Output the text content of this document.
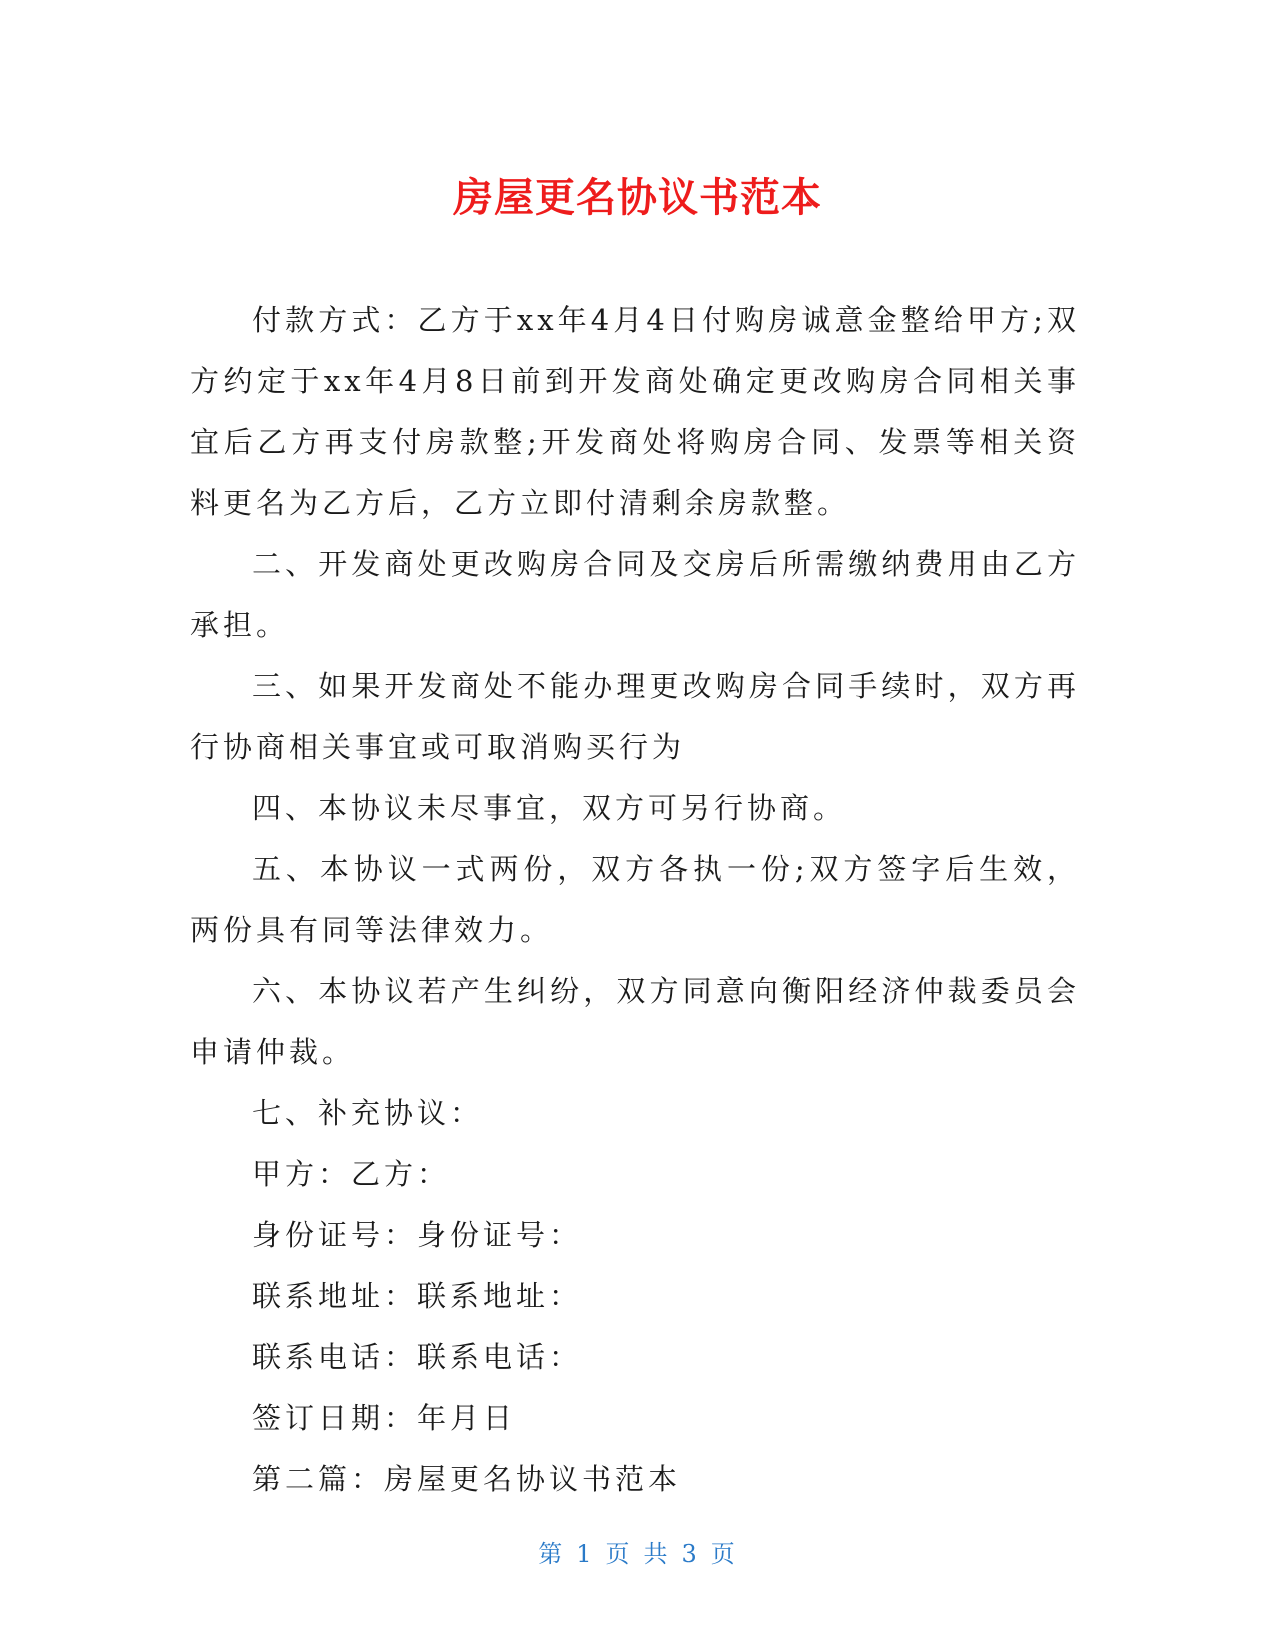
房屋更名协议书范本

付款方式：乙方于xx年4月4日付购房诚意金整给甲方;双方约定于xx年4月8日前到开发商处确定更改购房合同相关事宜后乙方再支付房款整;开发商处将购房合同、发票等相关资料更名为乙方后，乙方立即付清剩余房款整。

二、开发商处更改购房合同及交房后所需缴纳费用由乙方承担。

三、如果开发商处不能办理更改购房合同手续时，双方再行协商相关事宜或可取消购买行为

四、本协议未尽事宜，双方可另行协商。

五、本协议一式两份，双方各执一份;双方签字后生效，两份具有同等法律效力。

六、本协议若产生纠纷，双方同意向衡阳经济仲裁委员会申请仲裁。

七、补充协议：

甲方：乙方：

身份证号：身份证号：

联系地址：联系地址：

联系电话：联系电话：

签订日期：年月日

第二篇：房屋更名协议书范本

第 1 页 共 3 页
